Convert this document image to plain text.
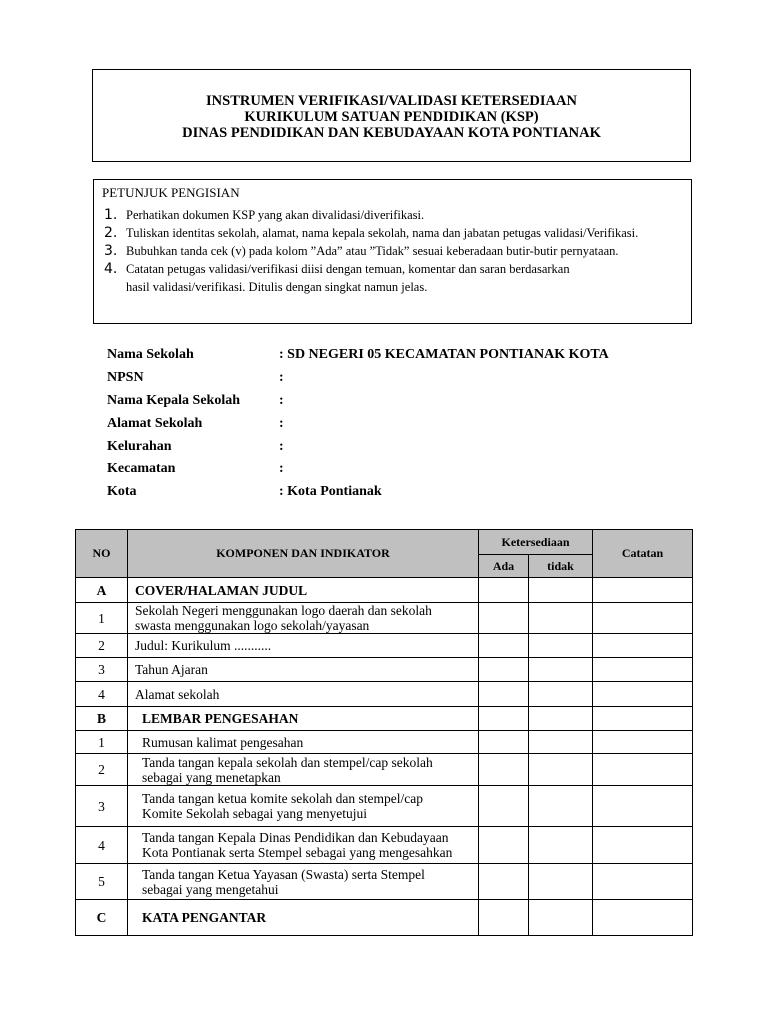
INSTRUMEN VERIFIKASI/VALIDASI KETERSEDIAAN
KURIKULUM SATUAN PENDIDIKAN (KSP)
DINAS PENDIDIKAN DAN KEBUDAYAAN KOTA PONTIANAK
PETUNJUK PENGISIAN
1. Perhatikan dokumen KSP yang akan divalidasi/diverifikasi.
2. Tuliskan identitas sekolah, alamat, nama kepala sekolah, nama dan jabatan petugas validasi/Verifikasi.
3. Bubuhkan tanda cek (v) pada kolom ”Ada” atau ”Tidak” sesuai keberadaan butir-butir pernyataan.
4. Catatan petugas validasi/verifikasi diisi dengan temuan, komentar dan saran berdasarkan
hasil validasi/verifikasi. Ditulis dengan singkat namun jelas.
Nama Sekolah	: SD NEGERI 05 KECAMATAN PONTIANAK KOTA
NPSN	:
Nama Kepala Sekolah	:
Alamat Sekolah	:
Kelurahan	:
Kecamatan	:
Kota	: Kota Pontianak
NO	KOMPONEN DAN INDIKATOR	Ketersediaan		Catatan
		Ada	tidak	
A	COVER/HALAMAN JUDUL			
1	Sekolah Negeri menggunakan logo daerah dan sekolah
swasta menggunakan logo sekolah/yayasan			
2	Judul: Kurikulum ...........			
3	Tahun Ajaran			
4	Alamat sekolah			
B	LEMBAR PENGESAHAN			
1	Rumusan kalimat pengesahan			
2	Tanda tangan kepala sekolah dan stempel/cap sekolah
sebagai yang menetapkan			
3	Tanda tangan ketua komite sekolah dan stempel/cap
Komite Sekolah sebagai yang menyetujui			
4	Tanda tangan Kepala Dinas Pendidikan dan Kebudayaan
Kota Pontianak serta Stempel sebagai yang mengesahkan			
5	Tanda tangan Ketua Yayasan (Swasta) serta Stempel
sebagai yang mengetahui			
C	KATA PENGANTAR			
